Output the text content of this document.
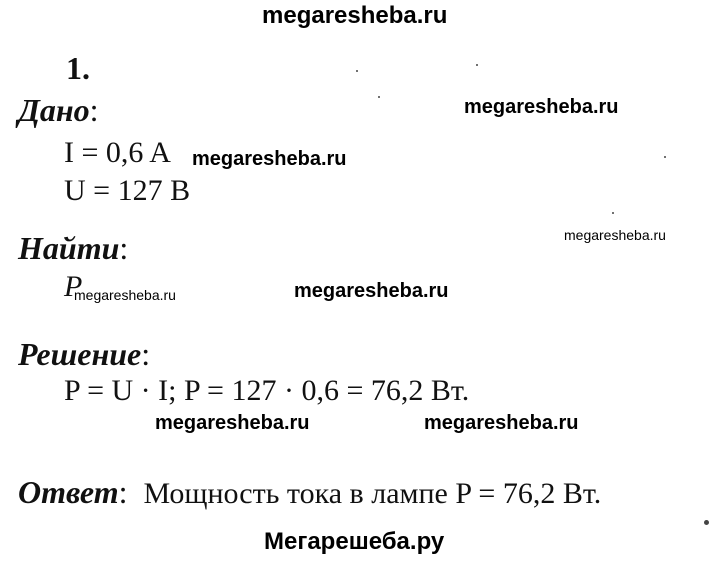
megaresheba.ru
megaresheba.ru
megaresheba.ru
megaresheba.ru
megaresheba.ru
megaresheba.ru	megaresheba.ru
Мегарешеба.ру
1.
Дано:
I = 0,6 A
U = 127 В
Найти:
P
megaresheba.ru
Решение:
P = U · I; P = 127 · 0,6 = 76,2 Вт.
Ответ: Мощность тока в лампе P = 76,2 Вт.
